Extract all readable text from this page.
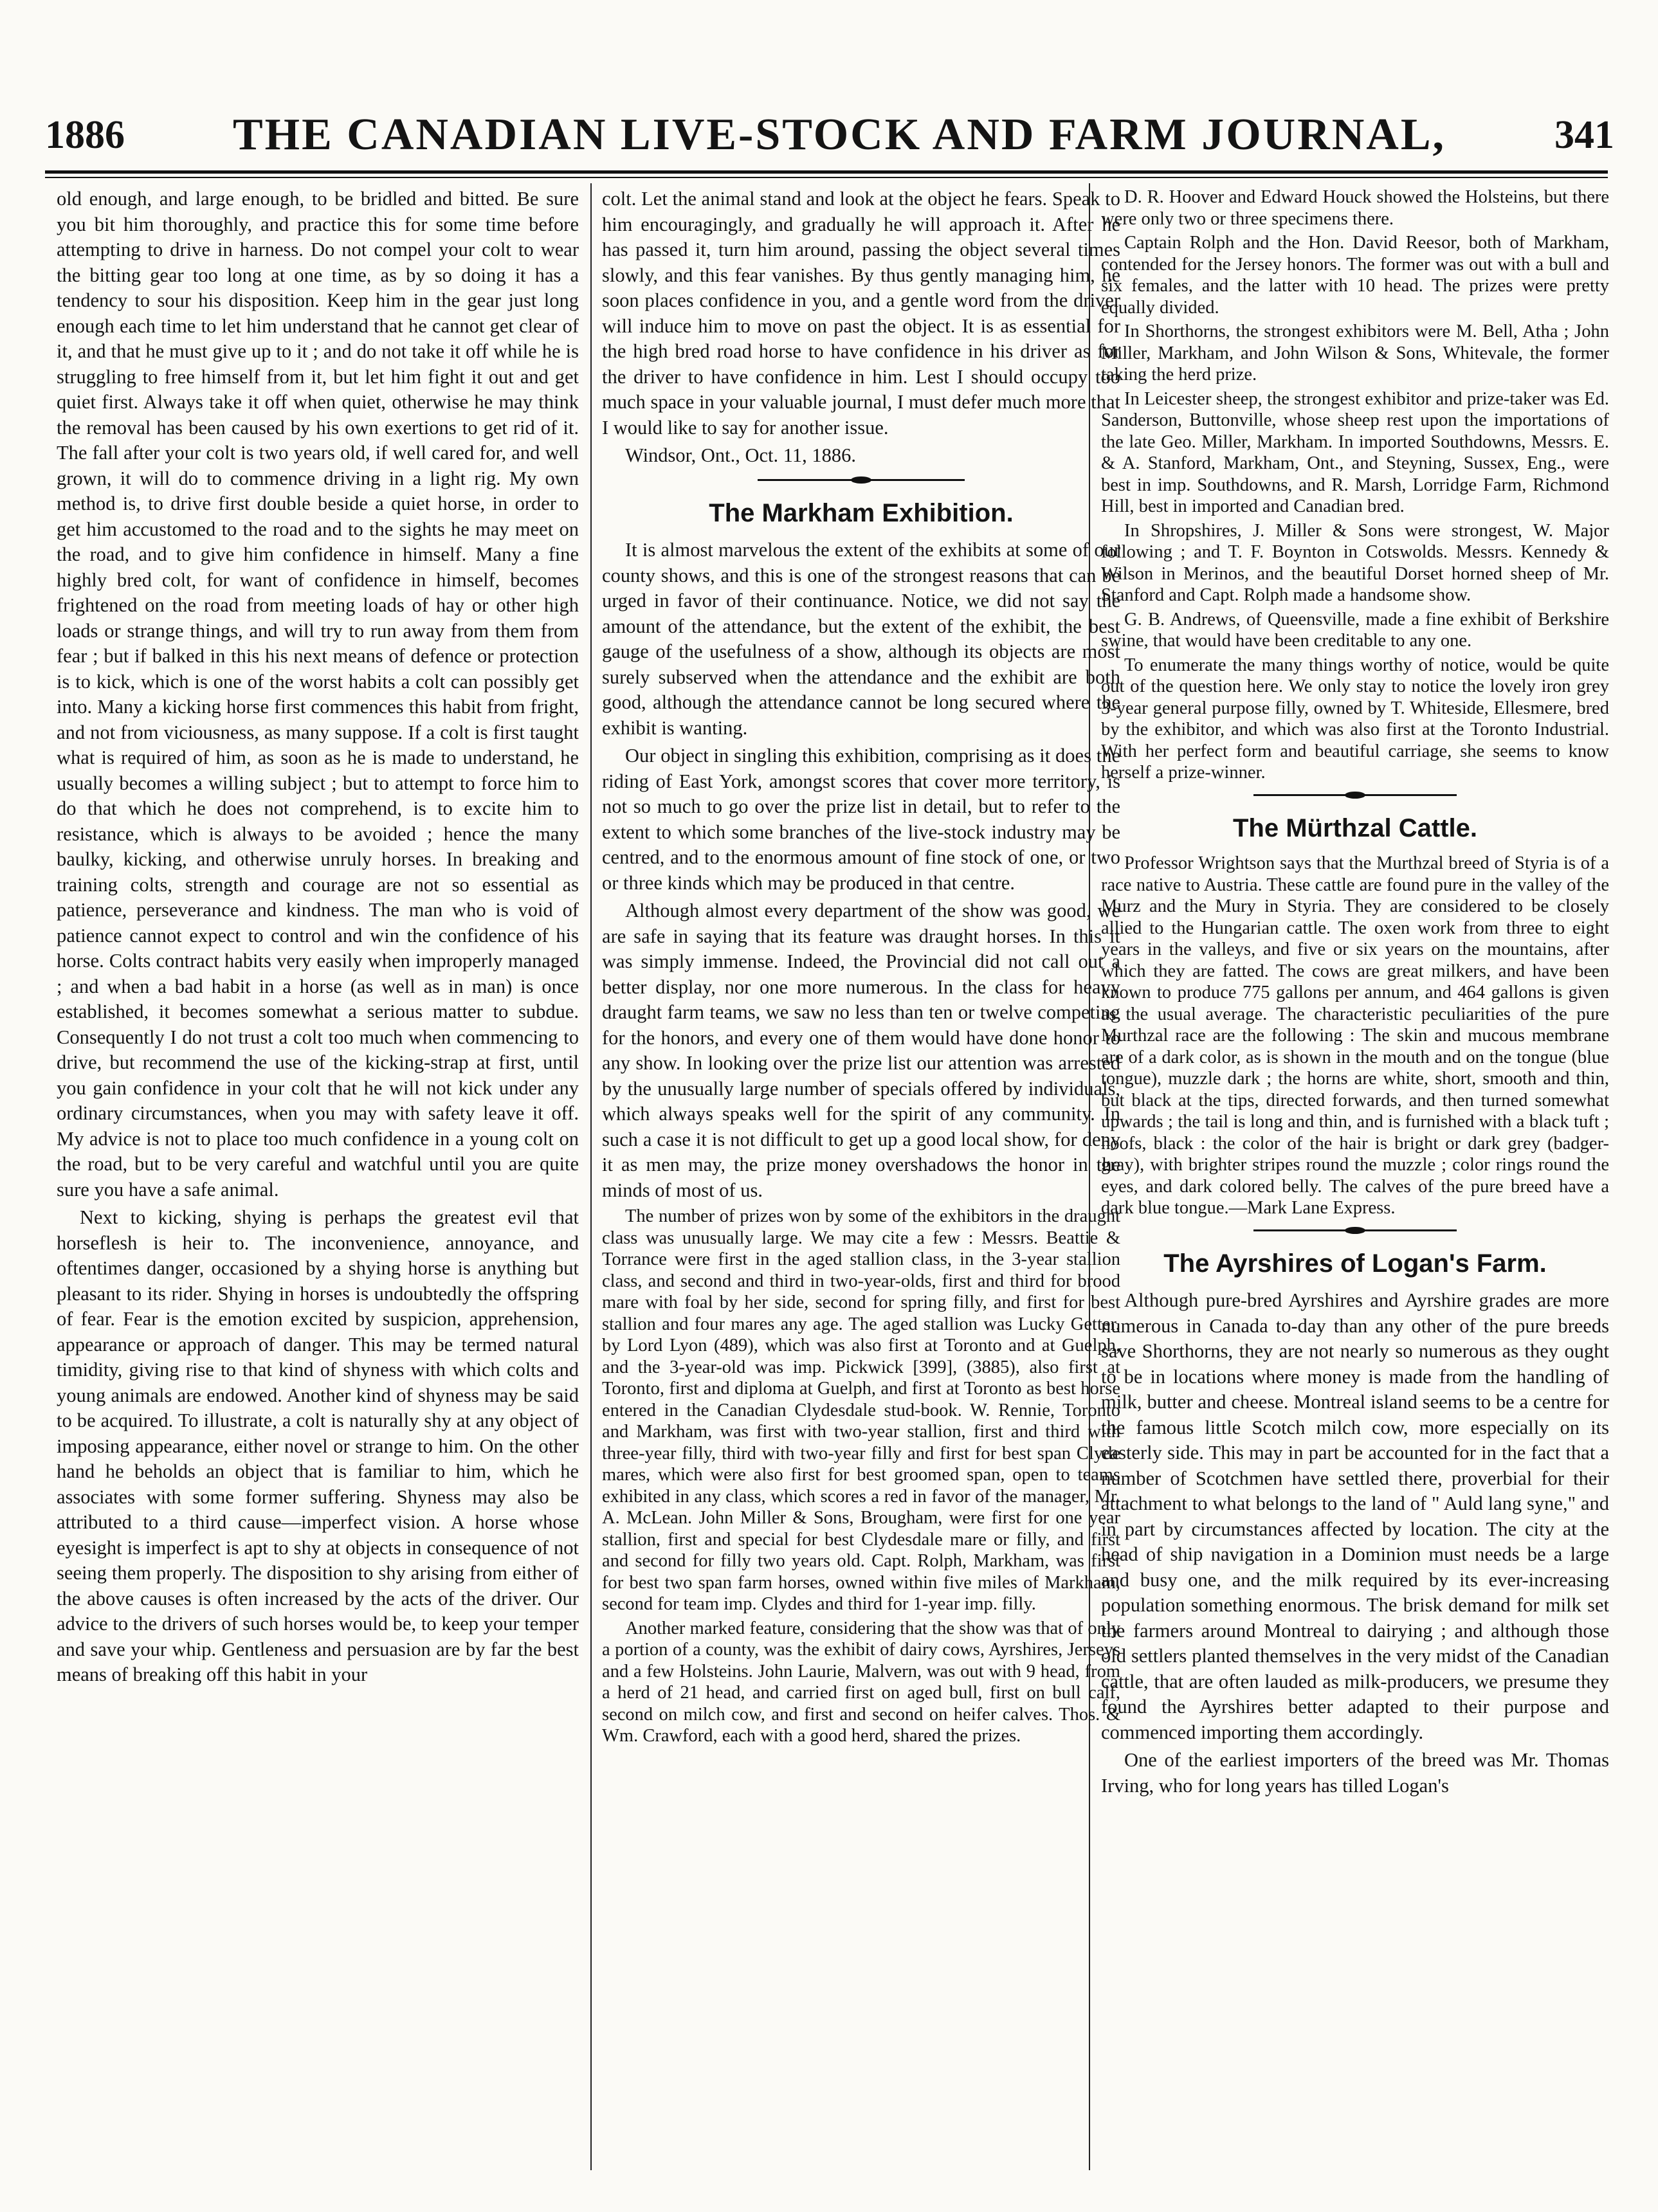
1886	THE CANADIAN LIVE-STOCK AND FARM JOURNAL,	341

old enough, and large enough, to be bridled and bitted. Be sure you bit him thoroughly, and practice this for some time before attempting to drive in harness. Do not compel your colt to wear the bitting gear too long at one time, as by so doing it has a tendency to sour his disposition. Keep him in the gear just long enough each time to let him understand that he cannot get clear of it, and that he must give up to it ; and do not take it off while he is struggling to free himself from it, but let him fight it out and get quiet first. Always take it off when quiet, otherwise he may think the removal has been caused by his own exertions to get rid of it. The fall after your colt is two years old, if well cared for, and well grown, it will do to commence driving in a light rig. My own method is, to drive first double beside a quiet horse, in order to get him accustomed to the road and to the sights he may meet on the road, and to give him confidence in himself. Many a fine highly bred colt, for want of confidence in himself, becomes frightened on the road from meeting loads of hay or other high loads or strange things, and will try to run away from them from fear ; but if balked in this his next means of defence or protection is to kick, which is one of the worst habits a colt can possibly get into. Many a kicking horse first commences this habit from fright, and not from viciousness, as many suppose. If a colt is first taught what is required of him, as soon as he is made to understand, he usually becomes a willing subject ; but to attempt to force him to do that which he does not comprehend, is to excite him to resistance, which is always to be avoided ; hence the many baulky, kicking, and otherwise unruly horses. In breaking and training colts, strength and courage are not so essential as patience, perseverance and kindness. The man who is void of patience cannot expect to control and win the confidence of his horse. Colts contract habits very easily when improperly managed ; and when a bad habit in a horse (as well as in man) is once established, it becomes somewhat a serious matter to subdue. Consequently I do not trust a colt too much when commencing to drive, but recommend the use of the kicking-strap at first, until you gain confidence in your colt that he will not kick under any ordinary circumstances, when you may with safety leave it off. My advice is not to place too much confidence in a young colt on the road, but to be very careful and watchful until you are quite sure you have a safe animal.

Next to kicking, shying is perhaps the greatest evil that horseflesh is heir to. The inconvenience, annoyance, and oftentimes danger, occasioned by a shying horse is anything but pleasant to its rider. Shying in horses is undoubtedly the offspring of fear. Fear is the emotion excited by suspicion, apprehension, appearance or approach of danger. This may be termed natural timidity, giving rise to that kind of shyness with which colts and young animals are endowed. Another kind of shyness may be said to be acquired. To illustrate, a colt is naturally shy at any object of imposing appearance, either novel or strange to him. On the other hand he beholds an object that is familiar to him, which he associates with some former suffering. Shyness may also be attributed to a third cause—imperfect vision. A horse whose eyesight is imperfect is apt to shy at objects in consequence of not seeing them properly. The disposition to shy arising from either of the above causes is often increased by the acts of the driver. Our advice to the drivers of such horses would be, to keep your temper and save your whip. Gentleness and persuasion are by far the best means of breaking off this habit in your

colt. Let the animal stand and look at the object he fears. Speak to him encouragingly, and gradually he will approach it. After he has passed it, turn him around, passing the object several times slowly, and this fear vanishes. By thus gently managing him, he soon places confidence in you, and a gentle word from the driver will induce him to move on past the object. It is as essential for the high bred road horse to have confidence in his driver as for the driver to have confidence in him. Lest I should occupy too much space in your valuable journal, I must defer much more that I would like to say for another issue.

Windsor, Ont., Oct. 11, 1886.

The Markham Exhibition.

It is almost marvelous the extent of the exhibits at some of our county shows, and this is one of the strongest reasons that can be urged in favor of their continuance. Notice, we did not say the amount of the attendance, but the extent of the exhibit, the best gauge of the usefulness of a show, although its objects are most surely subserved when the attendance and the exhibit are both good, although the attendance cannot be long secured where the exhibit is wanting.

Our object in singling this exhibition, comprising as it does the riding of East York, amongst scores that cover more territory, is not so much to go over the prize list in detail, but to refer to the extent to which some branches of the live-stock industry may be centred, and to the enormous amount of fine stock of one, or two or three kinds which may be produced in that centre.

Although almost every department of the show was good, we are safe in saying that its feature was draught horses. In this it was simply immense. Indeed, the Provincial did not call out a better display, nor one more numerous. In the class for heavy draught farm teams, we saw no less than ten or twelve competing for the honors, and every one of them would have done honor to any show. In looking over the prize list our attention was arrested by the unusually large number of specials offered by individuals, which always speaks well for the spirit of any community. In such a case it is not difficult to get up a good local show, for deny it as men may, the prize money overshadows the honor in the minds of most of us.

The number of prizes won by some of the exhibitors in the draught class was unusually large. We may cite a few : Messrs. Beattie & Torrance were first in the aged stallion class, in the 3-year stallion class, and second and third in two-year-olds, first and third for brood mare with foal by her side, second for spring filly, and first for best stallion and four mares any age. The aged stallion was Lucky Getter, by Lord Lyon (489), which was also first at Toronto and at Guelph, and the 3-year-old was imp. Pickwick [399], (3885), also first at Toronto, first and diploma at Guelph, and first at Toronto as best horse entered in the Canadian Clydesdale stud-book. W. Rennie, Toronto and Markham, was first with two-year stallion, first and third with three-year filly, third with two-year filly and first for best span Clyde mares, which were also first for best groomed span, open to teams exhibited in any class, which scores a red in favor of the manager, Mr. A. McLean. John Miller & Sons, Brougham, were first for one year stallion, first and special for best Clydesdale mare or filly, and first and second for filly two years old. Capt. Rolph, Markham, was first for best two span farm horses, owned within five miles of Markham, second for team imp. Clydes and third for 1-year imp. filly.

Another marked feature, considering that the show was that of only a portion of a county, was the exhibit of dairy cows, Ayrshires, Jerseys and a few Holsteins. John Laurie, Malvern, was out with 9 head, from a herd of 21 head, and carried first on aged bull, first on bull calf, second on milch cow, and first and second on heifer calves. Thos. & Wm. Crawford, each with a good herd, shared the prizes.

D. R. Hoover and Edward Houck showed the Holsteins, but there were only two or three specimens there.

Captain Rolph and the Hon. David Reesor, both of Markham, contended for the Jersey honors. The former was out with a bull and six females, and the latter with 10 head. The prizes were pretty equally divided.

In Shorthorns, the strongest exhibitors were M. Bell, Atha ; John Miller, Markham, and John Wilson & Sons, Whitevale, the former taking the herd prize.

In Leicester sheep, the strongest exhibitor and prize-taker was Ed. Sanderson, Buttonville, whose sheep rest upon the importations of the late Geo. Miller, Markham. In imported Southdowns, Messrs. E. & A. Stanford, Markham, Ont., and Steyning, Sussex, Eng., were best in imp. Southdowns, and R. Marsh, Lorridge Farm, Richmond Hill, best in imported and Canadian bred.

In Shropshires, J. Miller & Sons were strongest, W. Major following ; and T. F. Boynton in Cotswolds. Messrs. Kennedy & Wilson in Merinos, and the beautiful Dorset horned sheep of Mr. Stanford and Capt. Rolph made a handsome show.

G. B. Andrews, of Queensville, made a fine exhibit of Berkshire swine, that would have been creditable to any one.

To enumerate the many things worthy of notice, would be quite out of the question here. We only stay to notice the lovely iron grey 3-year general purpose filly, owned by T. Whiteside, Ellesmere, bred by the exhibitor, and which was also first at the Toronto Industrial. With her perfect form and beautiful carriage, she seems to know herself a prize-winner.

The Mürthzal Cattle.

Professor Wrightson says that the Murthzal breed of Styria is of a race native to Austria. These cattle are found pure in the valley of the Murz and the Mury in Styria. They are considered to be closely allied to the Hungarian cattle. The oxen work from three to eight years in the valleys, and five or six years on the mountains, after which they are fatted. The cows are great milkers, and have been known to produce 775 gallons per annum, and 464 gallons is given as the usual average. The characteristic peculiarities of the pure Murthzal race are the following : The skin and mucous membrane are of a dark color, as is shown in the mouth and on the tongue (blue tongue), muzzle dark ; the horns are white, short, smooth and thin, but black at the tips, directed forwards, and then turned somewhat upwards ; the tail is long and thin, and is furnished with a black tuft ; hoofs, black : the color of the hair is bright or dark grey (badger-gray), with brighter stripes round the muzzle ; color rings round the eyes, and dark colored belly. The calves of the pure breed have a dark blue tongue.—Mark Lane Express.

The Ayrshires of Logan's Farm.

Although pure-bred Ayrshires and Ayrshire grades are more numerous in Canada to-day than any other of the pure breeds save Shorthorns, they are not nearly so numerous as they ought to be in locations where money is made from the handling of milk, butter and cheese. Montreal island seems to be a centre for the famous little Scotch milch cow, more especially on its easterly side. This may in part be accounted for in the fact that a number of Scotchmen have settled there, proverbial for their attachment to what belongs to the land of " Auld lang syne," and in part by circumstances affected by location. The city at the head of ship navigation in a Dominion must needs be a large and busy one, and the milk required by its ever-increasing population something enormous. The brisk demand for milk set the farmers around Montreal to dairying ; and although those old settlers planted themselves in the very midst of the Canadian cattle, that are often lauded as milk-producers, we presume they found the Ayrshires better adapted to their purpose and commenced importing them accordingly.

One of the earliest importers of the breed was Mr. Thomas Irving, who for long years has tilled Logan's
